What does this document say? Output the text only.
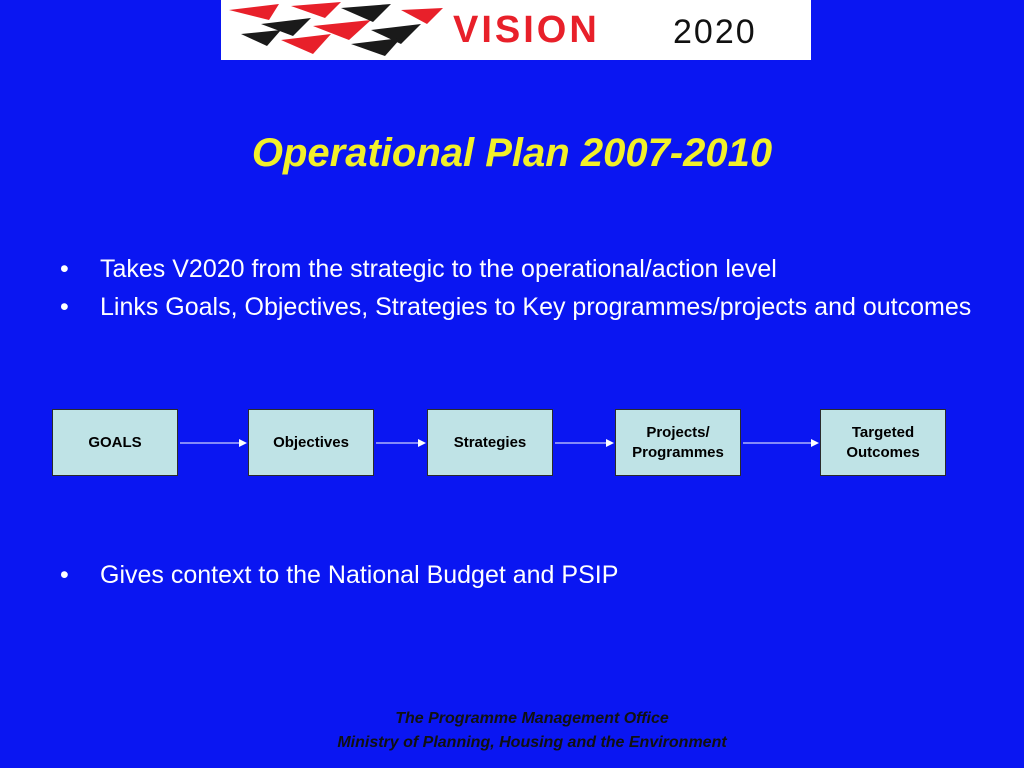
VISION 2020
Operational Plan 2007-2010
• Takes V2020 from the strategic to the operational/action level
• Links Goals, Objectives, Strategies to Key programmes/projects and outcomes
GOALS	Objectives	Strategies
Projects/
Programmes
Targeted
Outcomes
• Gives context to the National Budget and PSIP
The Programme Management Office
Ministry of Planning, Housing and the Environment
